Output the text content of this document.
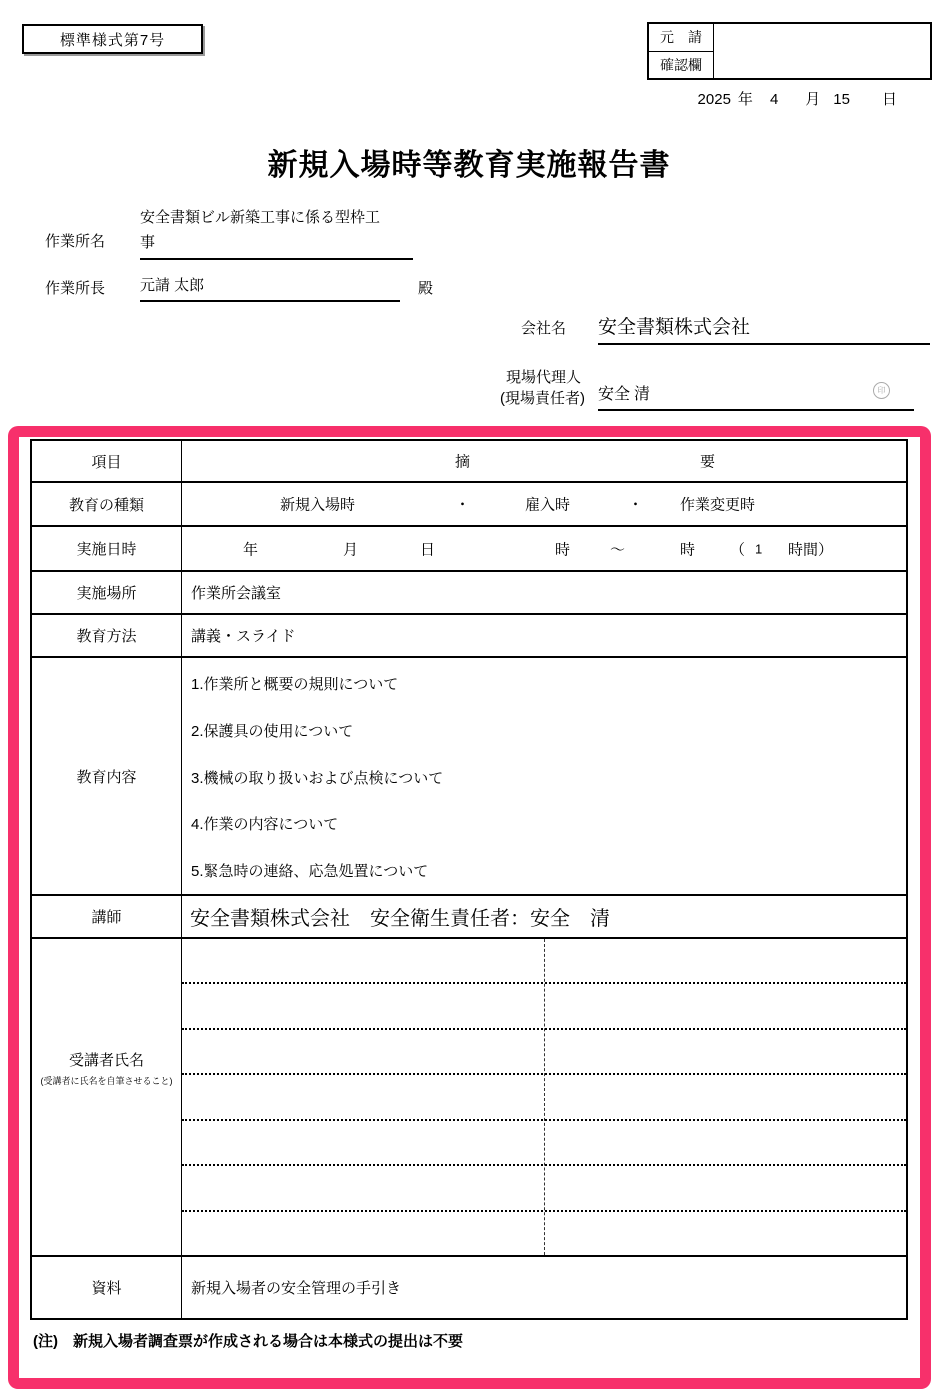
標準様式第7号	元　請
確認欄
2025 年 4 月 15 日
新規入場時等教育実施報告書
作業所名
安全書類ビル新築工事に係る型枠工
事
作業所長 元請 太郎	殿
会社名 安全書類株式会社
現場代理人
(現場責任者) 安全 清	印
項目	摘	要
教育の種類	新規入場時	・	雇入時	・ 作業変更時
実施日時	年	月	日	時	～	時 （ 1 時間）
実施場所	作業所会議室
教育方法	講義・スライド
教育内容
1.作業所と概要の規則について
2.保護具の使用について
3.機械の取り扱いおよび点検について
4.作業の内容について
5.緊急時の連絡、応急処置について
講師	安全書類株式会社　安全衛生責任者：安全　清
受講者氏名
(受講者に氏名を自筆させること)
資料	新規入場者の安全管理の手引き
(注)　新規入場者調査票が作成される場合は本様式の提出は不要
